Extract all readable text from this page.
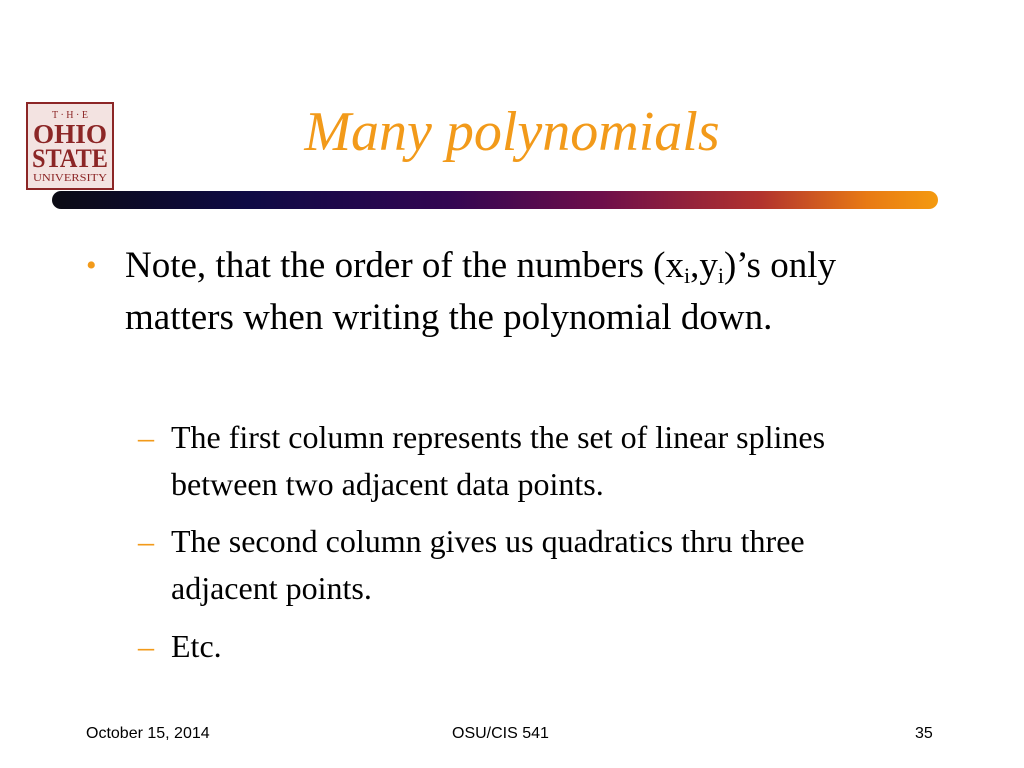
T · H · E
OHIO
STATE
UNIVERSITY
Many polynomials
• Note, that the order of the numbers $(x_i,y_i)’s$ only matters when writing the polynomial down.
– The first column represents the set of linear splines between two adjacent data points.
– The second column gives us quadratics thru three adjacent points.
– Etc.
October 15, 2014	OSU/CIS 541	35
